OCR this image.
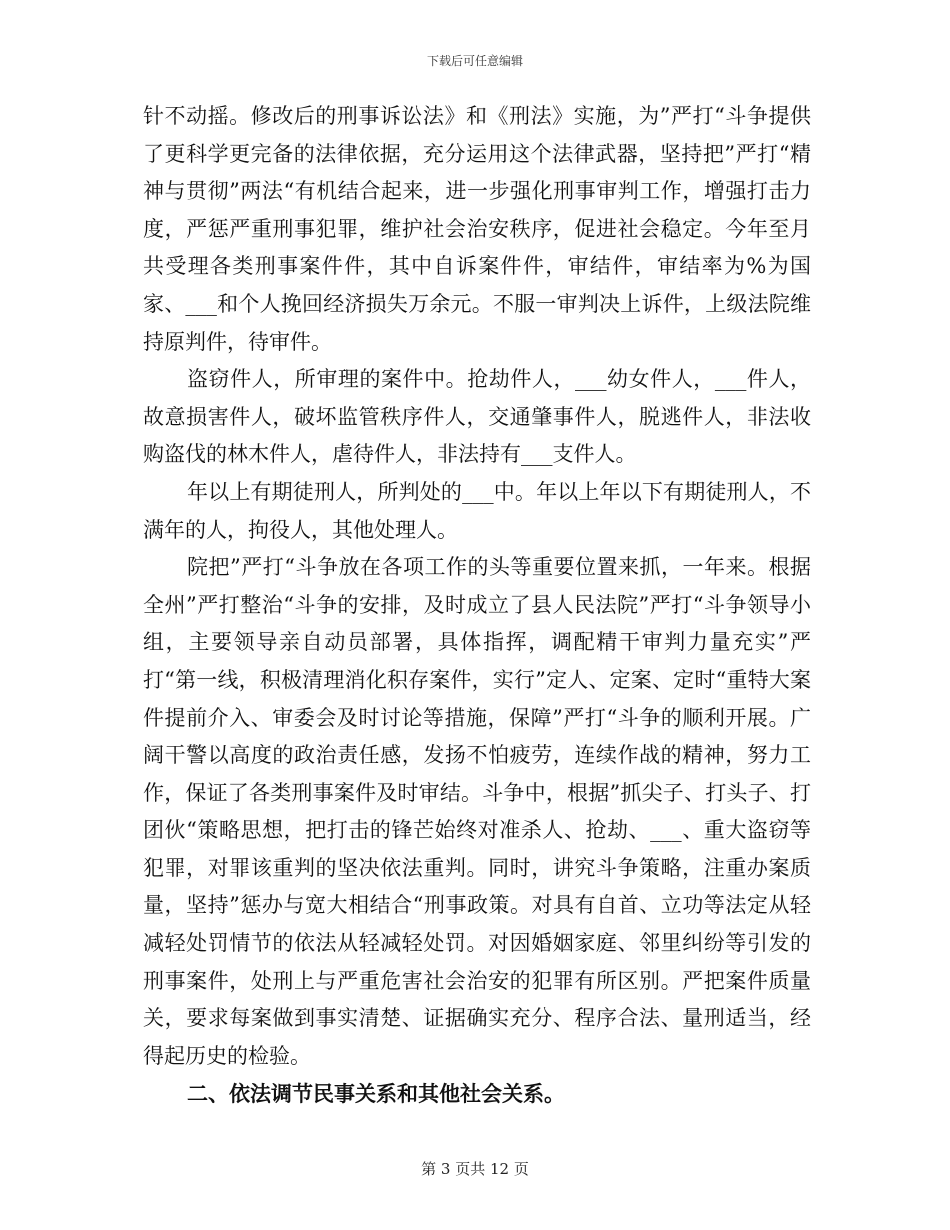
下载后可任意编辑

针不动摇。修改后的刑事诉讼法》和《刑法》实施，为”严打“斗争提供了更科学更完备的法律依据，充分运用这个法律武器，坚持把”严打“精神与贯彻”两法“有机结合起来，进一步强化刑事审判工作，增强打击力度，严惩严重刑事犯罪，维护社会治安秩序，促进社会稳定。今年至月共受理各类刑事案件件，其中自诉案件件，审结件，审结率为%为国家、___和个人挽回经济损失万余元。不服一审判决上诉件，上级法院维持原判件，待审件。

盗窃件人，所审理的案件中。抢劫件人，___幼女件人，___件人，故意损害件人，破坏监管秩序件人，交通肇事件人，脱逃件人，非法收购盗伐的林木件人，虐待件人，非法持有___支件人。

年以上有期徒刑人，所判处的___中。年以上年以下有期徒刑人，不满年的人，拘役人，其他处理人。

院把”严打“斗争放在各项工作的头等重要位置来抓，一年来。根据全州”严打整治“斗争的安排，及时成立了县人民法院”严打“斗争领导小组，主要领导亲自动员部署，具体指挥，调配精干审判力量充实”严打“第一线，积极清理消化积存案件，实行”定人、定案、定时“重特大案件提前介入、审委会及时讨论等措施，保障”严打“斗争的顺利开展。广阔干警以高度的政治责任感，发扬不怕疲劳，连续作战的精神，努力工作，保证了各类刑事案件及时审结。斗争中，根据”抓尖子、打头子、打团伙“策略思想，把打击的锋芒始终对准杀人、抢劫、___、重大盗窃等犯罪，对罪该重判的坚决依法重判。同时，讲究斗争策略，注重办案质量，坚持”惩办与宽大相结合“刑事政策。对具有自首、立功等法定从轻减轻处罚情节的依法从轻减轻处罚。对因婚姻家庭、邻里纠纷等引发的刑事案件，处刑上与严重危害社会治安的犯罪有所区别。严把案件质量关，要求每案做到事实清楚、证据确实充分、程序合法、量刑适当，经得起历史的检验。

二、依法调节民事关系和其他社会关系。

第 3 页共 12 页
